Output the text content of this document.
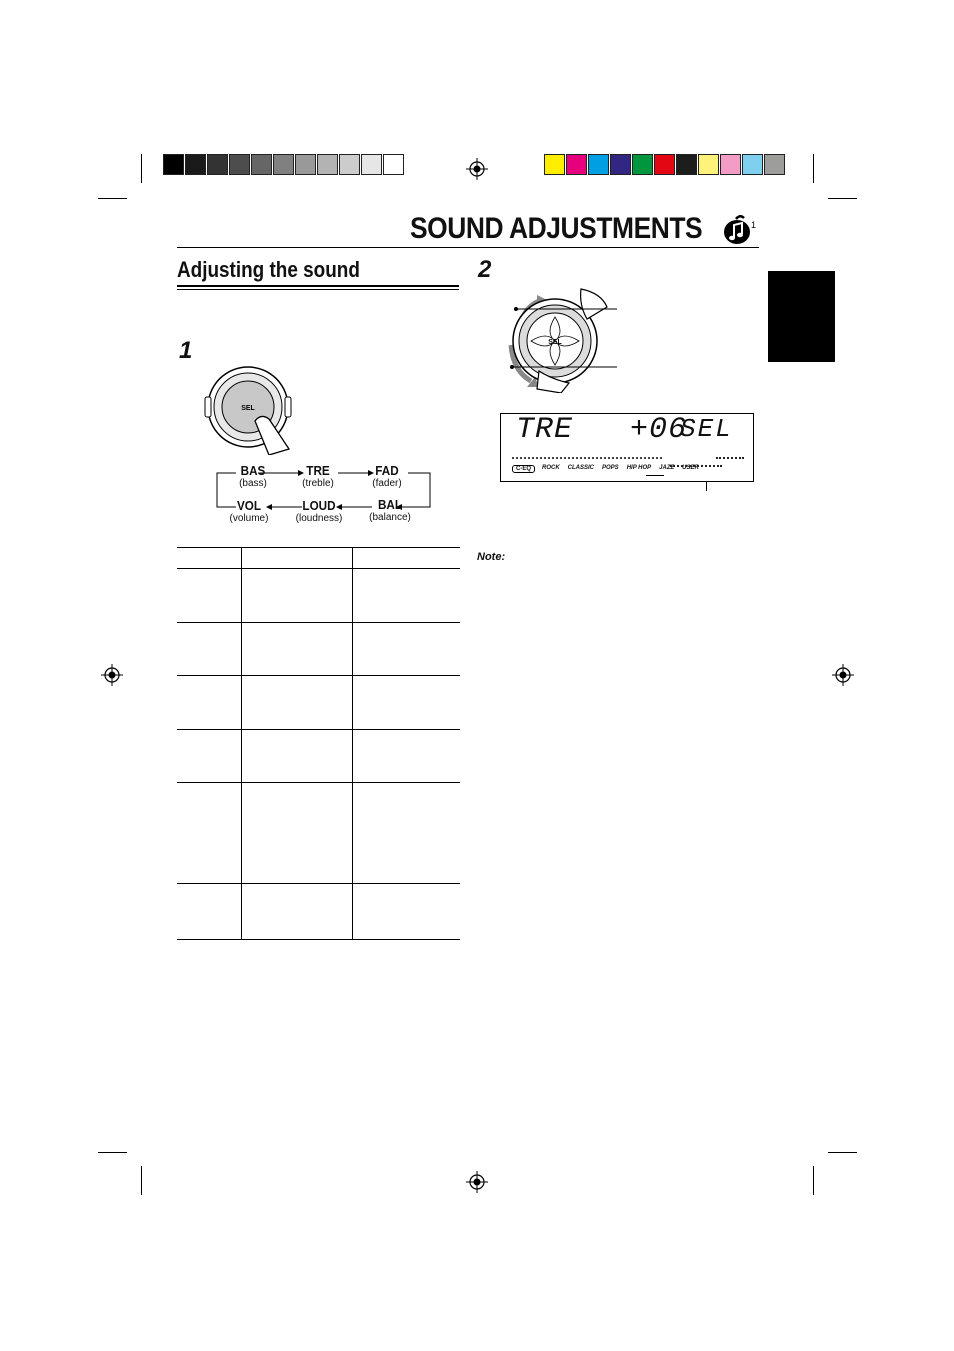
SOUND ADJUSTMENTS	1
Adjusting the sound
1
SEL
BAS
(bass)
TRE
(treble)
FAD
(fader)
VOL
(volume)
LOUD
(loudness)
BAL
(balance)
2
SEL
TRE   +06
SEL
C-EQ	ROCK CLASSIC POPS HIP HOP JAZZ USER
Note:
